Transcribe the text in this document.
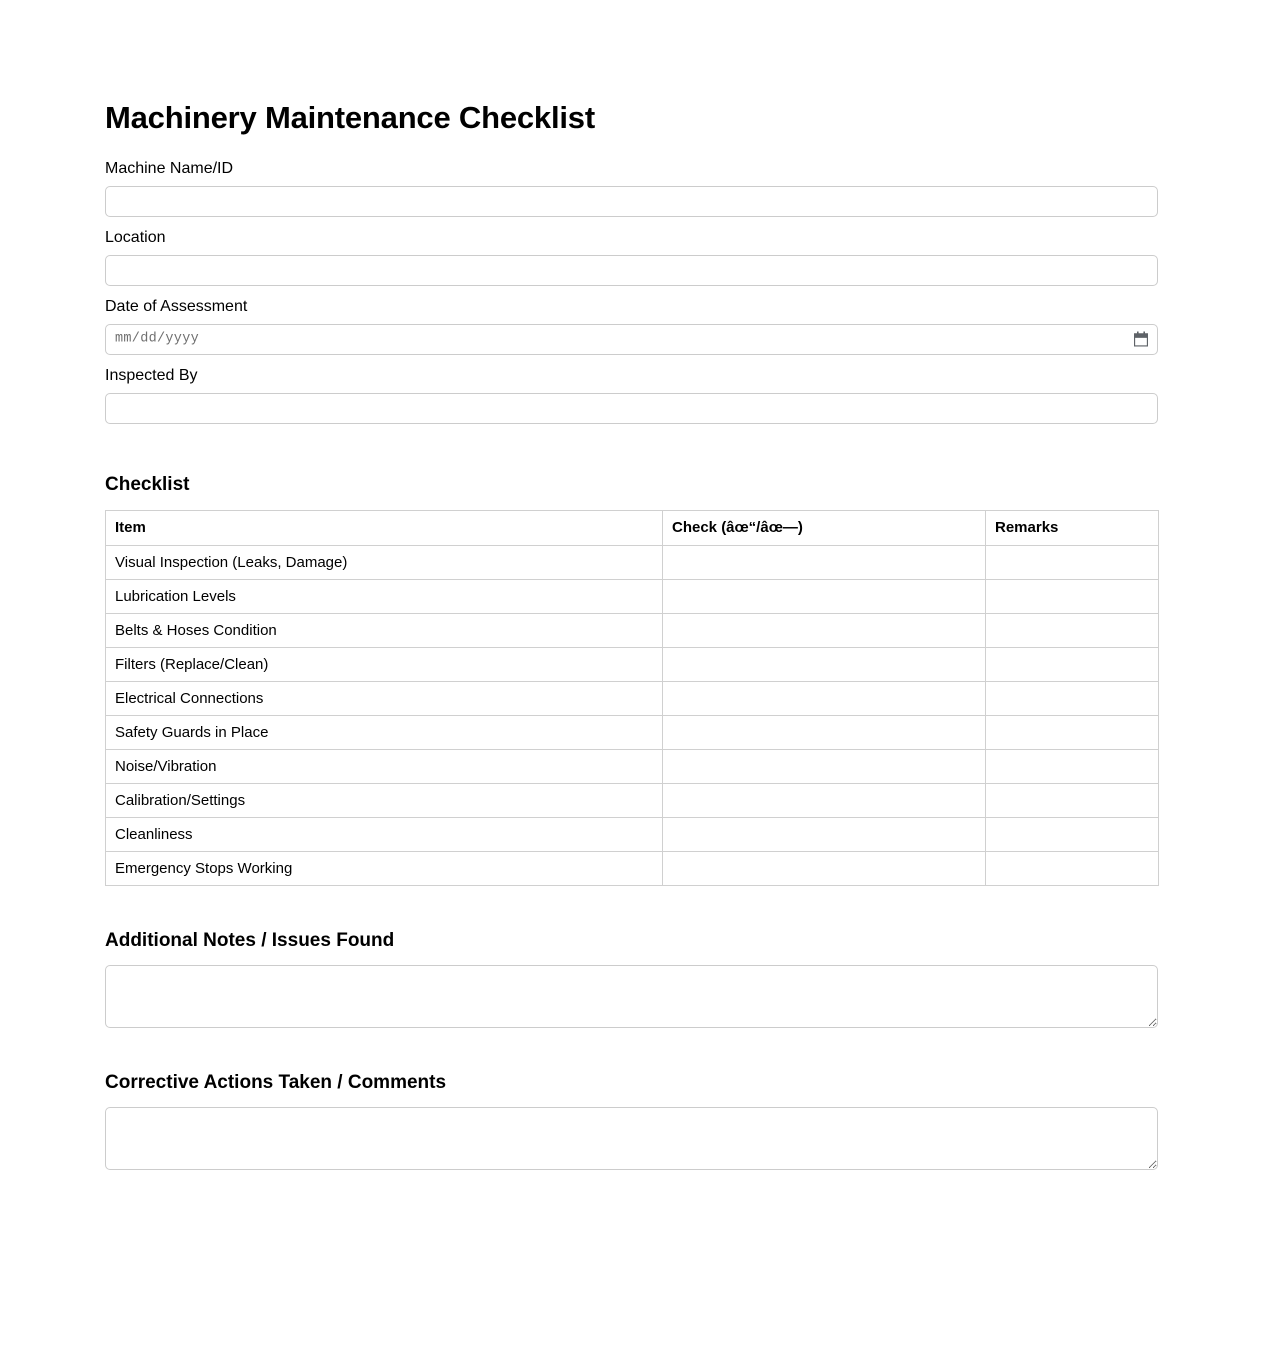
Machinery Maintenance Checklist
Machine Name/ID
Location
Date of Assessment
mm/dd/yyyy
Inspected By
Checklist
Item	Check (âœ“/âœ—)	Remarks
Visual Inspection (Leaks, Damage)		
Lubrication Levels		
Belts & Hoses Condition		
Filters (Replace/Clean)		
Electrical Connections		
Safety Guards in Place		
Noise/Vibration		
Calibration/Settings		
Cleanliness		
Emergency Stops Working		
Additional Notes / Issues Found
Corrective Actions Taken / Comments
